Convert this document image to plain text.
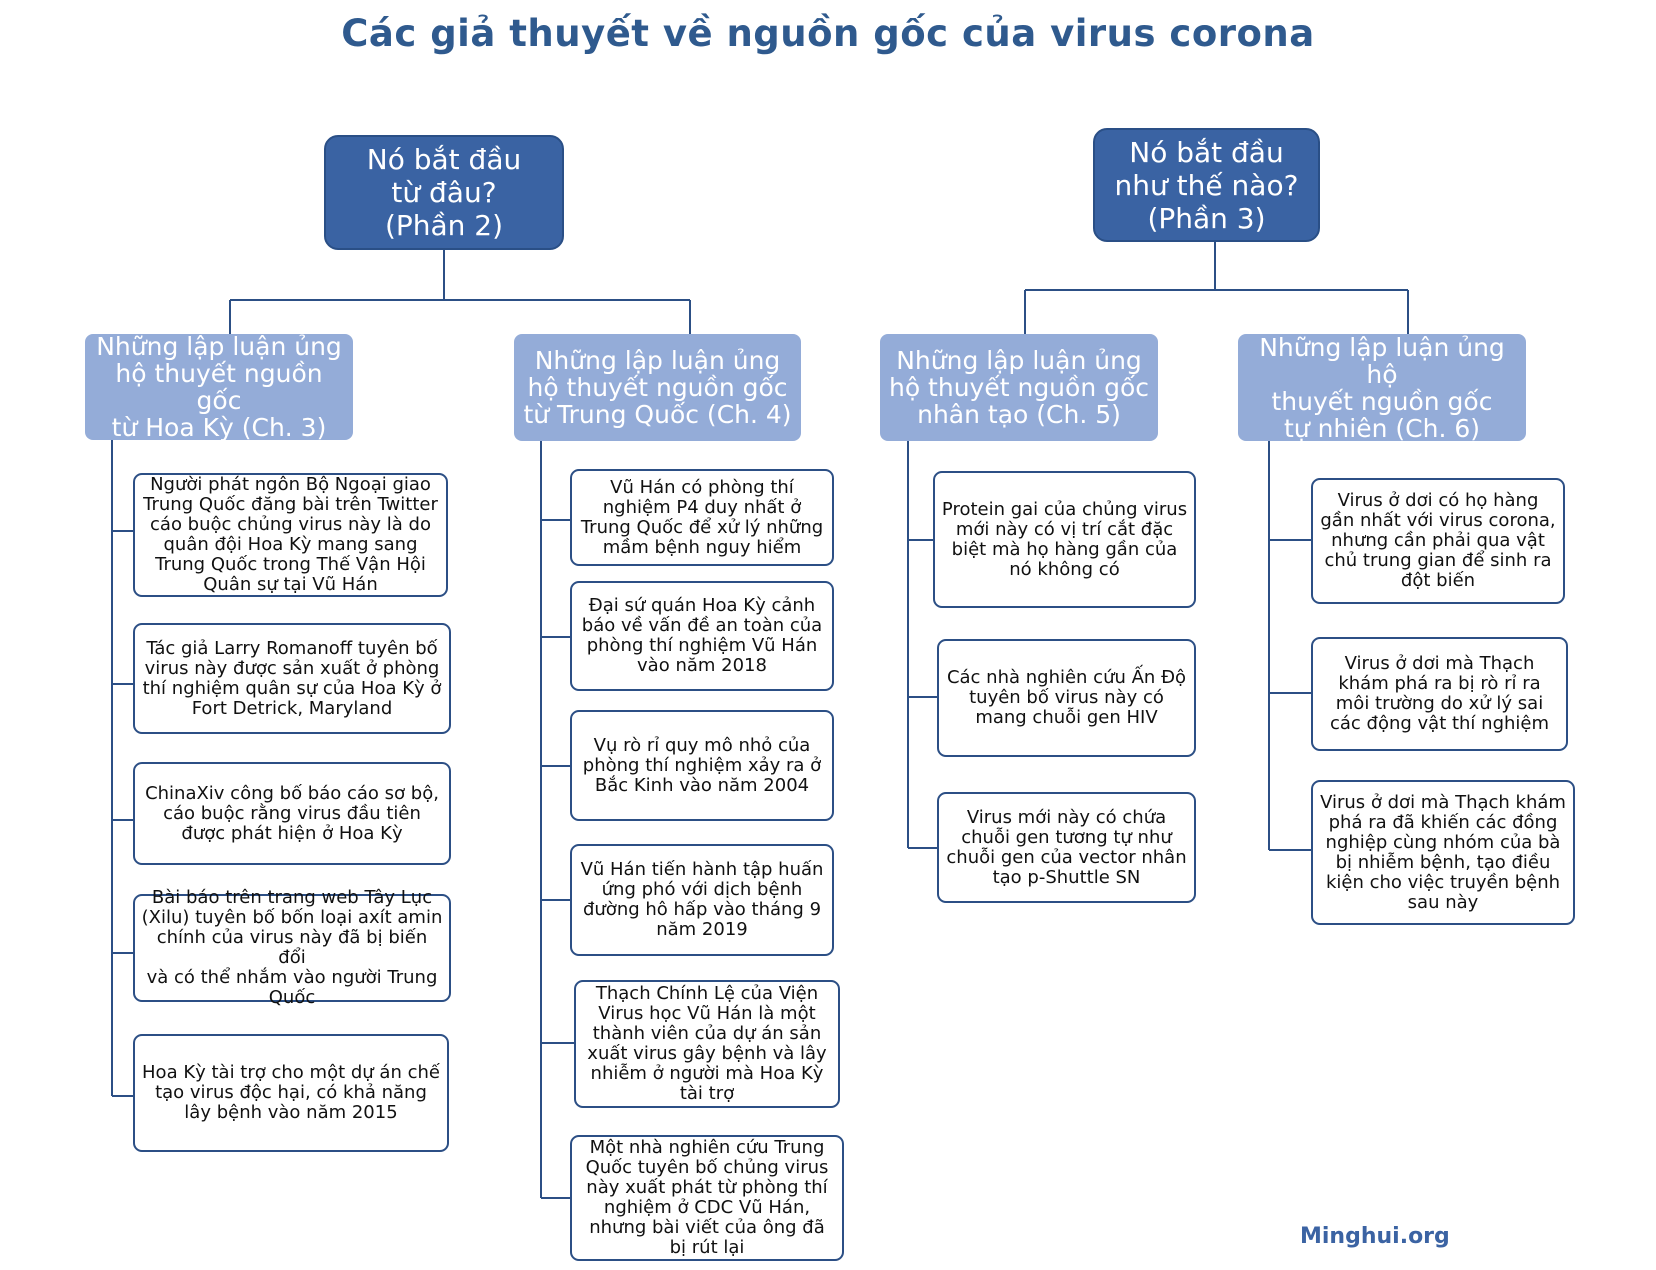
Các giả thuyết về nguồn gốc của virus corona
Nó bắt đầu
từ đâu?
(Phần 2)
Nó bắt đầu
như thế nào?
(Phần 3)
Những lập luận ủng
hộ thuyết nguồn gốc
từ Hoa Kỳ (Ch. 3)
Những lập luận ủng
hộ thuyết nguồn gốc
từ Trung Quốc (Ch. 4)
Những lập luận ủng
hộ thuyết nguồn gốc
nhân tạo (Ch. 5)
Những lập luận ủng hộ
thuyết nguồn gốc
tự nhiên (Ch. 6)
Người phát ngôn Bộ Ngoại giao
Trung Quốc đăng bài trên Twitter
cáo buộc chủng virus này là do
quân đội Hoa Kỳ mang sang
Trung Quốc trong Thế Vận Hội
Quân sự tại Vũ Hán
Tác giả Larry Romanoff tuyên bố
virus này được sản xuất ở phòng
thí nghiệm quân sự của Hoa Kỳ ở
Fort Detrick, Maryland
ChinaXiv công bố báo cáo sơ bộ,
cáo buộc rằng virus đầu tiên
được phát hiện ở Hoa Kỳ
Bài báo trên trang web Tây Lục
(Xilu) tuyên bố bốn loại axít amin
chính của virus này đã bị biến đổi
và có thể nhắm vào người Trung
Quốc
Hoa Kỳ tài trợ cho một dự án chế
tạo virus độc hại, có khả năng
lây bệnh vào năm 2015
Vũ Hán có phòng thí
nghiệm P4 duy nhất ở
Trung Quốc để xử lý những
mầm bệnh nguy hiểm
Đại sứ quán Hoa Kỳ cảnh
báo về vấn đề an toàn của
phòng thí nghiệm Vũ Hán
vào năm 2018
Vụ rò rỉ quy mô nhỏ của
phòng thí nghiệm xảy ra ở
Bắc Kinh vào năm 2004
Vũ Hán tiến hành tập huấn
ứng phó với dịch bệnh
đường hô hấp vào tháng 9
năm 2019
Thạch Chính Lệ của Viện
Virus học Vũ Hán là một
thành viên của dự án sản
xuất virus gây bệnh và lây
nhiễm ở người mà Hoa Kỳ
tài trợ
Một nhà nghiên cứu Trung
Quốc tuyên bố chủng virus
này xuất phát từ phòng thí
nghiệm ở CDC Vũ Hán,
nhưng bài viết của ông đã
bị rút lại
Protein gai của chủng virus
mới này có vị trí cắt đặc
biệt mà họ hàng gần của
nó không có
Các nhà nghiên cứu Ấn Độ
tuyên bố virus này có
mang chuỗi gen HIV
Virus mới này có chứa
chuỗi gen tương tự như
chuỗi gen của vector nhân
tạo p-Shuttle SN
Virus ở dơi có họ hàng
gần nhất với virus corona,
nhưng cần phải qua vật
chủ trung gian để sinh ra
đột biến
Virus ở dơi mà Thạch
khám phá ra bị rò rỉ ra
môi trường do xử lý sai
các động vật thí nghiệm
Virus ở dơi mà Thạch khám
phá ra đã khiến các đồng
nghiệp cùng nhóm của bà
bị nhiễm bệnh, tạo điều
kiện cho việc truyền bệnh
sau này
Minghui.org
